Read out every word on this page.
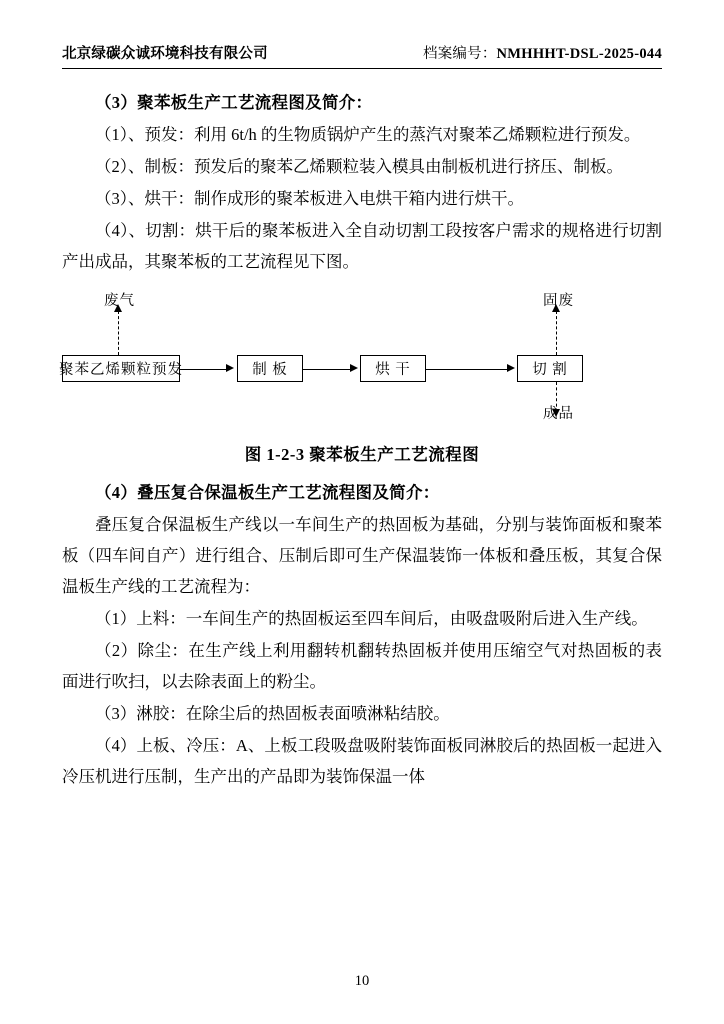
北京绿碳众诚环境科技有限公司	档案编号：NMHHHT-DSL-2025-044

（3）聚苯板生产工艺流程图及简介：

（1）、预发：利用 6t/h 的生物质锅炉产生的蒸汽对聚苯乙烯颗粒进行预发。

（2）、制板：预发后的聚苯乙烯颗粒装入模具由制板机进行挤压、制板。

（3）、烘干：制作成形的聚苯板进入电烘干箱内进行烘干。

（4）、切割：烘干后的聚苯板进入全自动切割工段按客户需求的规格进行切割产出成品，其聚苯板的工艺流程见下图。

废气	固废
聚苯乙烯颗粒预发	制 板	烘 干	切 割
成品
图 1-2-3 聚苯板生产工艺流程图

（4）叠压复合保温板生产工艺流程图及简介：

叠压复合保温板生产线以一车间生产的热固板为基础，分别与装饰面板和聚苯板（四车间自产）进行组合、压制后即可生产保温装饰一体板和叠压板，其复合保温板生产线的工艺流程为：

（1）上料：一车间生产的热固板运至四车间后，由吸盘吸附后进入生产线。

（2）除尘：在生产线上利用翻转机翻转热固板并使用压缩空气对热固板的表面进行吹扫，以去除表面上的粉尘。

（3）淋胶：在除尘后的热固板表面喷淋粘结胶。

（4）上板、冷压：A、上板工段吸盘吸附装饰面板同淋胶后的热固板一起进入冷压机进行压制，生产出的产品即为装饰保温一体

10
